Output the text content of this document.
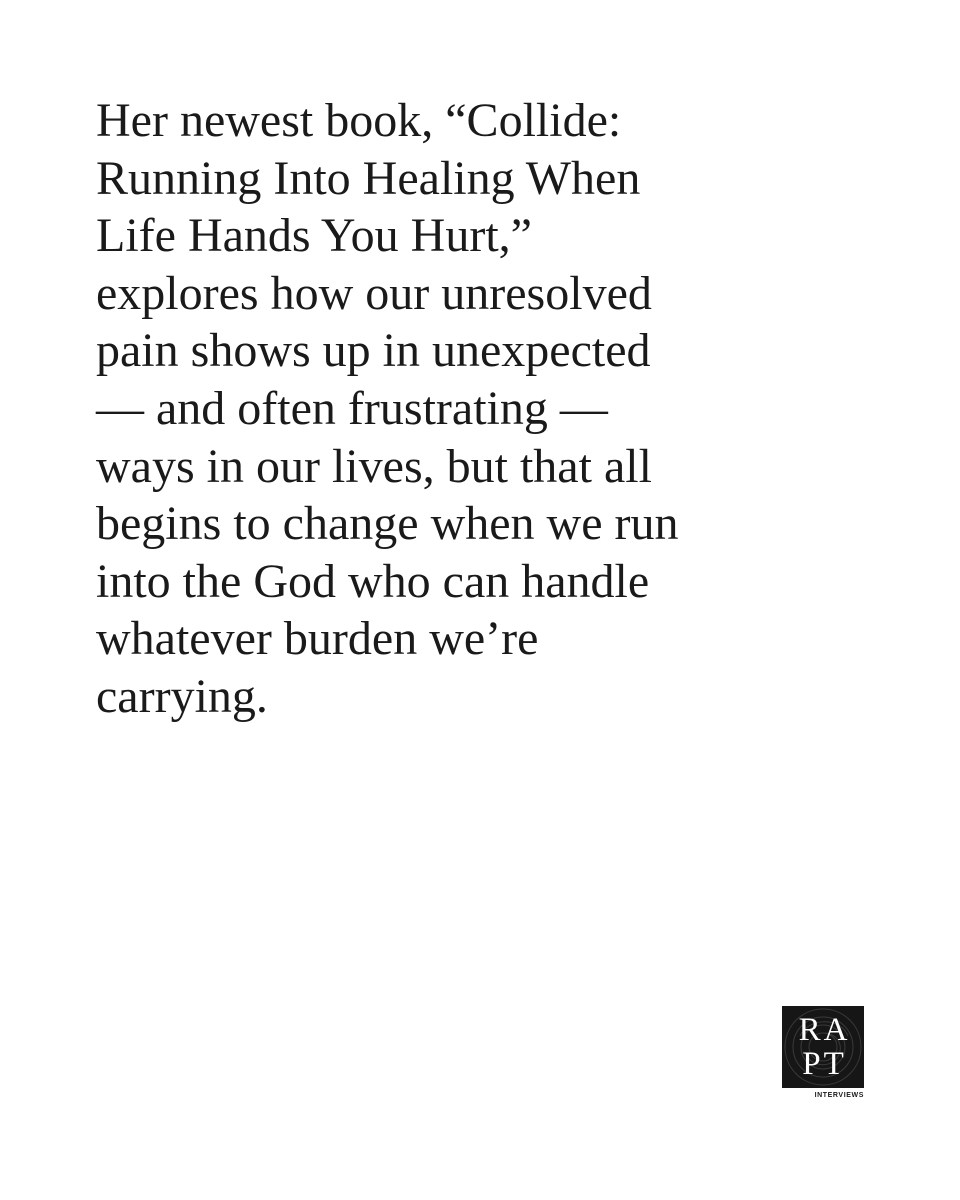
Her newest book, “Collide:
Running Into Healing When
Life Hands You Hurt,”
explores how our unresolved
pain shows up in unexpected
— and often frustrating —
ways in our lives, but that all
begins to change when we run
into the God who can handle
whatever burden we’re
carrying.
RA
PT
INTERVIEWS
